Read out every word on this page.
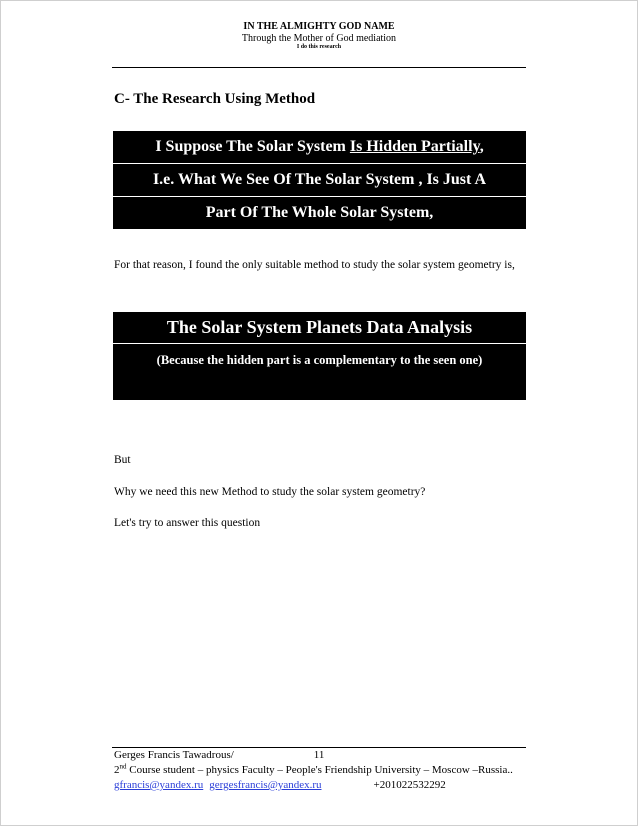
IN THE ALMIGHTY GOD NAME
Through the Mother of God mediation
I do this research
C- The Research Using Method
I Suppose The Solar System Is Hidden Partially,
I.e. What We See Of The Solar System , Is Just A
Part Of The Whole Solar System,
For that reason, I found the only suitable method to study the solar system geometry is,
The Solar System Planets Data Analysis
(Because the hidden part is a complementary to the seen one)
But
Why we need this new Method to study the solar system geometry?
Let's try to answer this question
Gerges Francis Tawadrous/	11
2nd Course student – physics Faculty – People's Friendship University – Moscow –Russia..
gfrancis@yandex.ru gergesfrancis@yandex.ru	+201022532292
